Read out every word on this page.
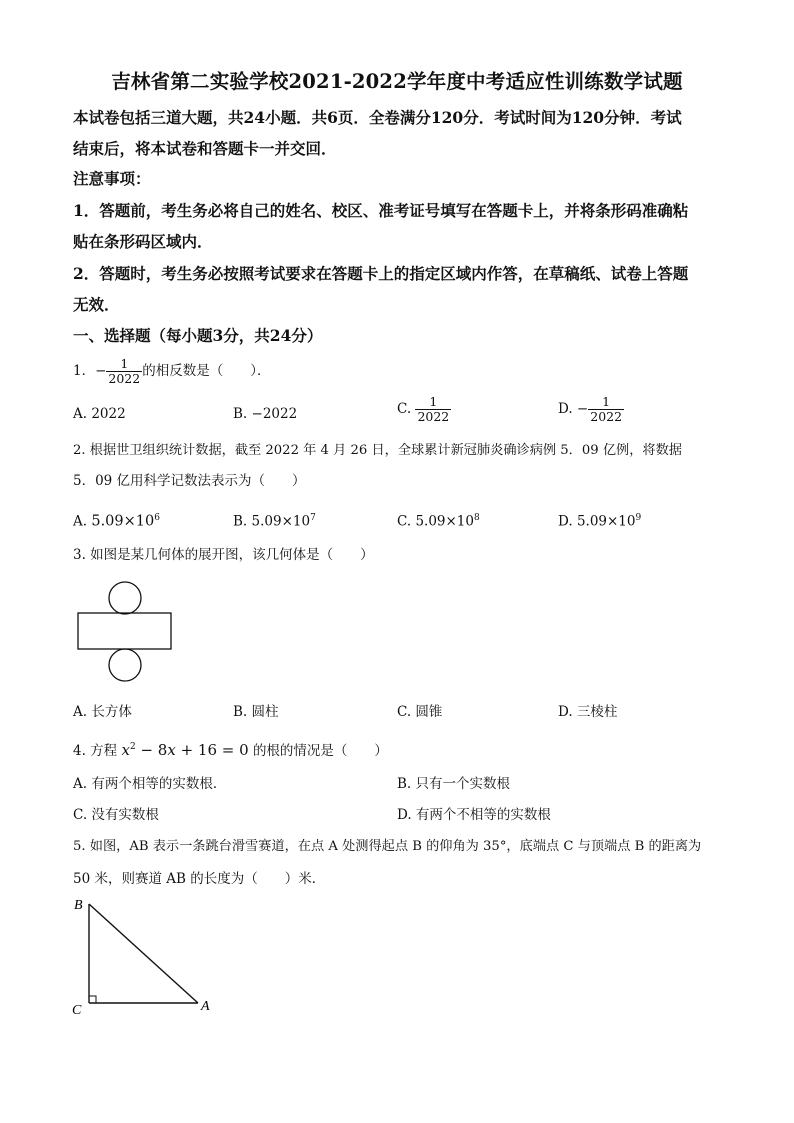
吉林省第二实验学校2021-2022学年度中考适应性训练数学试题
本试卷包括三道大题，共24小题．共6页．全卷满分120分．考试时间为120分钟．考试
结束后，将本试卷和答题卡一并交回．
注意事项：
1．答题前，考生务必将自己的姓名、校区、准考证号填写在答题卡上，并将条形码准确粘
贴在条形码区域内．
2．答题时，考生务必按照考试要求在答题卡上的指定区域内作答，在草稿纸、试卷上答题
无效．
一、选择题（每小题3分，共24分）
1．− $\frac{1}{2022}$ 的相反数是（　　）．
A. 2022	B. −2022	C. $\frac{1}{2022}$	D. − $\frac{1}{2022}$
2. 根据世卫组织统计数据，截至 2022 年 4 月 26 日，全球累计新冠肺炎确诊病例 5．09 亿例，将数据
5．09 亿用科学记数法表示为（　　）
A. $5.09\times 10^6$	B. $5.09\times 10^7$	C. $5.09\times 10^8$	D. $5.09\times 10^9$
3. 如图是某几何体的展开图，该几何体是（　　）
A. 长方体	B. 圆柱	C. 圆锥	D. 三棱柱
4. 方程 $x^2 - 8x + 16 = 0$ 的根的情况是（　　）
A. 有两个相等的实数根．	B. 只有一个实数根
C. 没有实数根	D. 有两个不相等的实数根
5. 如图，AB 表示一条跳台滑雪赛道，在点 A 处测得起点 B 的仰角为 35°，底端点 C 与顶端点 B 的距离为
50 米，则赛道 AB 的长度为（　　）米．
B
C	A
